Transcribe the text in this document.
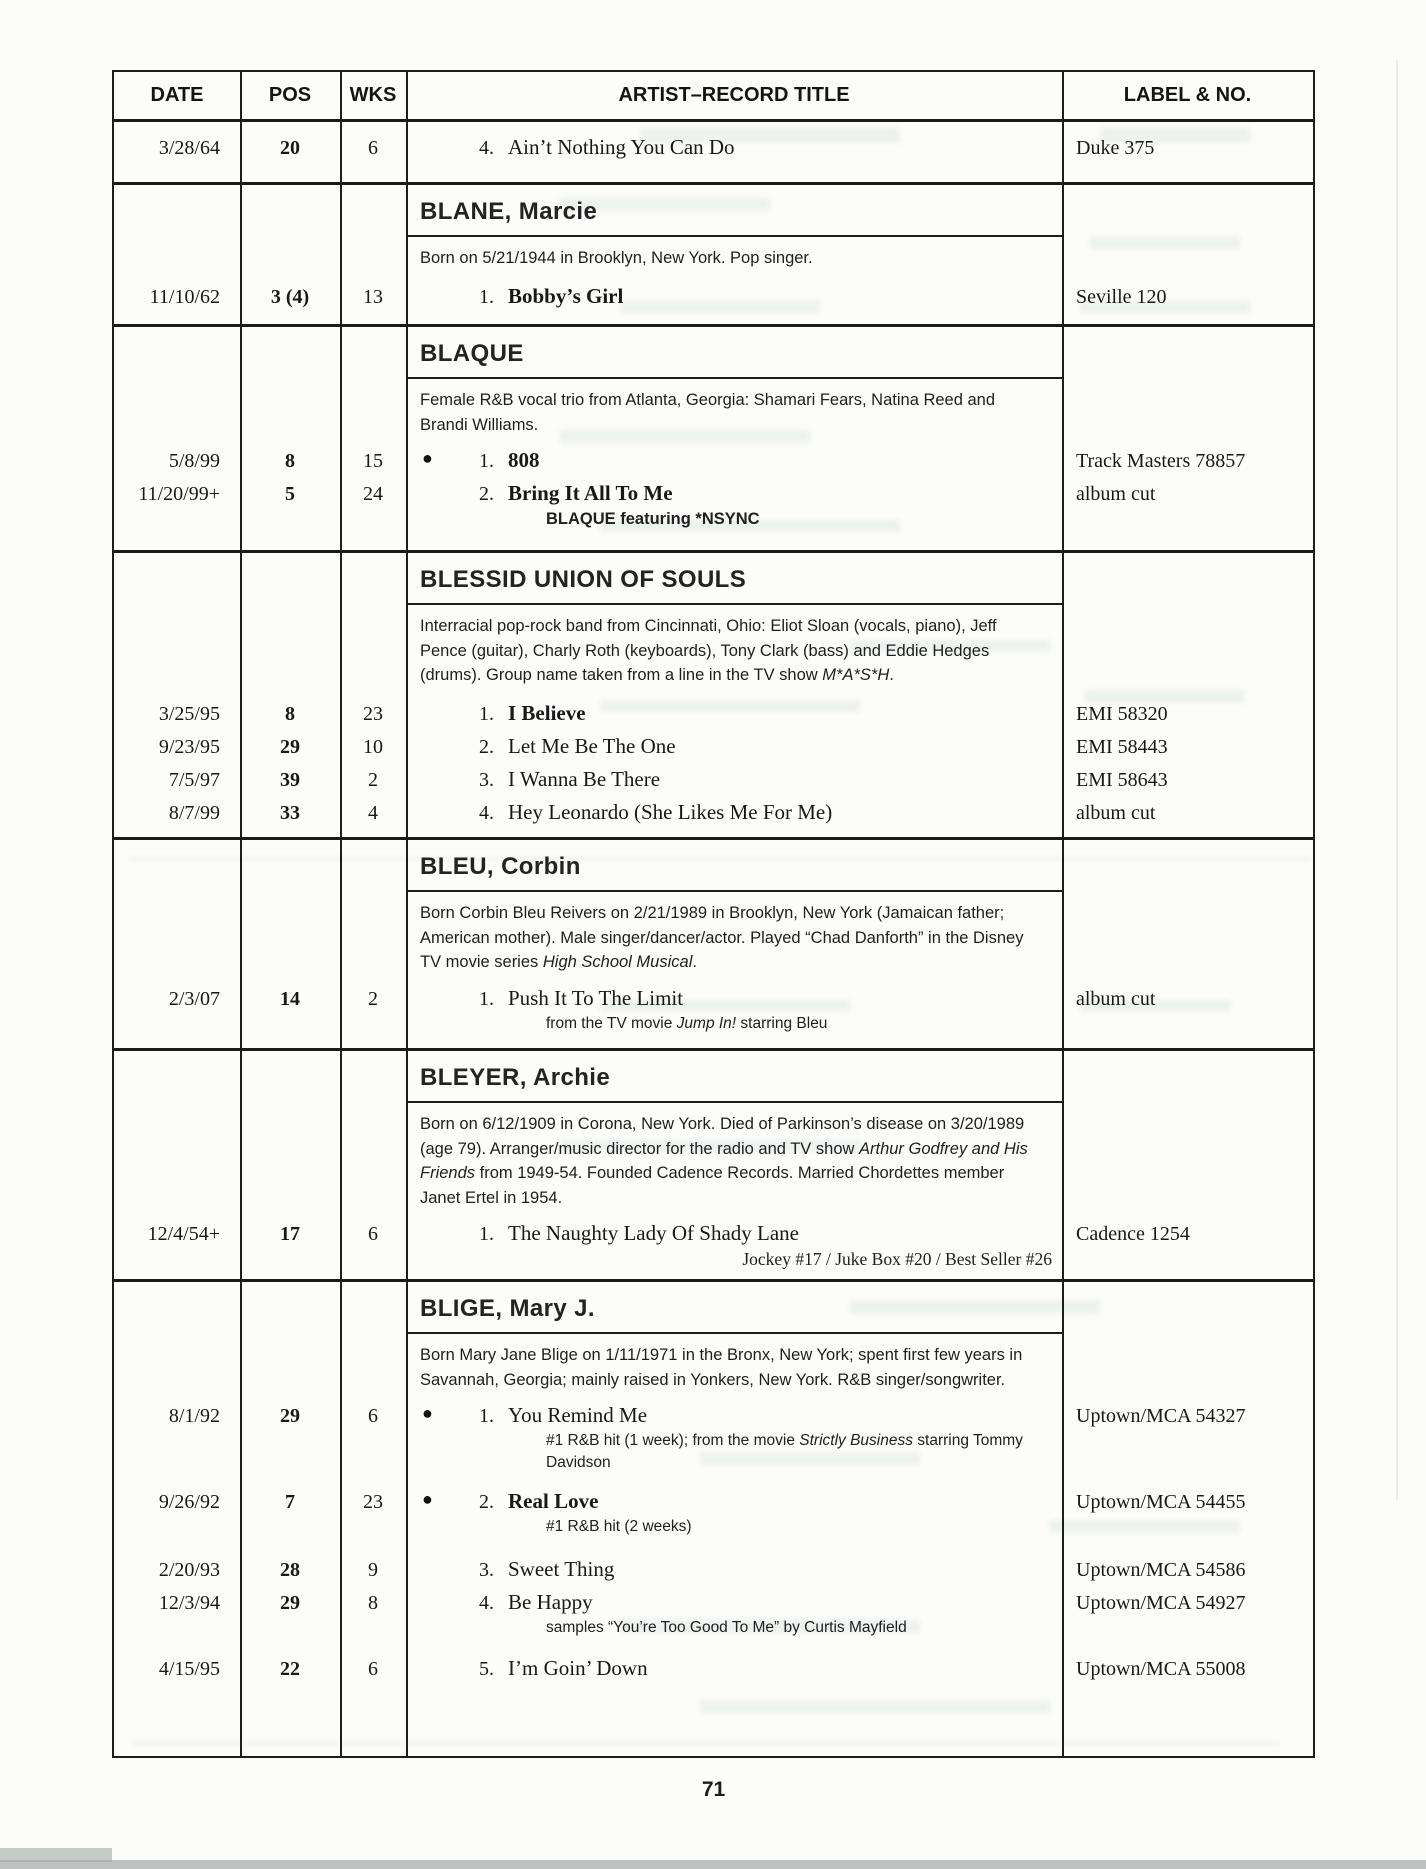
DATE	POS	WKS	ARTIST–RECORD TITLE	LABEL & NO.
3/28/64	20	6	4. Ain’t Nothing You Can Do	Duke 375
BLANE, Marcie
Born on 5/21/1944 in Brooklyn, New York. Pop singer.
11/10/62	3 (4)	13	1. Bobby’s Girl	Seville 120
BLAQUE
Female R&B vocal trio from Atlanta, Georgia: Shamari Fears, Natina Reed and Brandi Williams.
5/8/99	8	15	● 1. 808	Track Masters 78857
11/20/99+	5	24	2. Bring It All To Me	album cut
BLAQUE featuring *NSYNC
BLESSID UNION OF SOULS
Interracial pop-rock band from Cincinnati, Ohio: Eliot Sloan (vocals, piano), Jeff Pence (guitar), Charly Roth (keyboards), Tony Clark (bass) and Eddie Hedges (drums). Group name taken from a line in the TV show M*A*S*H.
3/25/95	8	23	1. I Believe	EMI 58320
9/23/95	29	10	2. Let Me Be The One	EMI 58443
7/5/97	39	2	3. I Wanna Be There	EMI 58643
8/7/99	33	4	4. Hey Leonardo (She Likes Me For Me)	album cut
BLEU, Corbin
Born Corbin Bleu Reivers on 2/21/1989 in Brooklyn, New York (Jamaican father; American mother). Male singer/dancer/actor. Played “Chad Danforth” in the Disney TV movie series High School Musical.
2/3/07	14	2	1. Push It To The Limit	album cut
from the TV movie Jump In! starring Bleu
BLEYER, Archie
Born on 6/12/1909 in Corona, New York. Died of Parkinson’s disease on 3/20/1989 (age 79). Arranger/music director for the radio and TV show Arthur Godfrey and His Friends from 1949-54. Founded Cadence Records. Married Chordettes member Janet Ertel in 1954.
12/4/54+	17	6	1. The Naughty Lady Of Shady Lane	Cadence 1254
Jockey #17 / Juke Box #20 / Best Seller #26
BLIGE, Mary J.
Born Mary Jane Blige on 1/11/1971 in the Bronx, New York; spent first few years in Savannah, Georgia; mainly raised in Yonkers, New York. R&B singer/songwriter.
8/1/92	29	6	● 1. You Remind Me	Uptown/MCA 54327
#1 R&B hit (1 week); from the movie Strictly Business starring Tommy Davidson
9/26/92	7	23	● 2. Real Love	Uptown/MCA 54455
#1 R&B hit (2 weeks)
2/20/93	28	9	3. Sweet Thing	Uptown/MCA 54586
12/3/94	29	8	4. Be Happy	Uptown/MCA 54927
samples “You’re Too Good To Me” by Curtis Mayfield
4/15/95	22	6	5. I’m Goin’ Down	Uptown/MCA 55008
71
